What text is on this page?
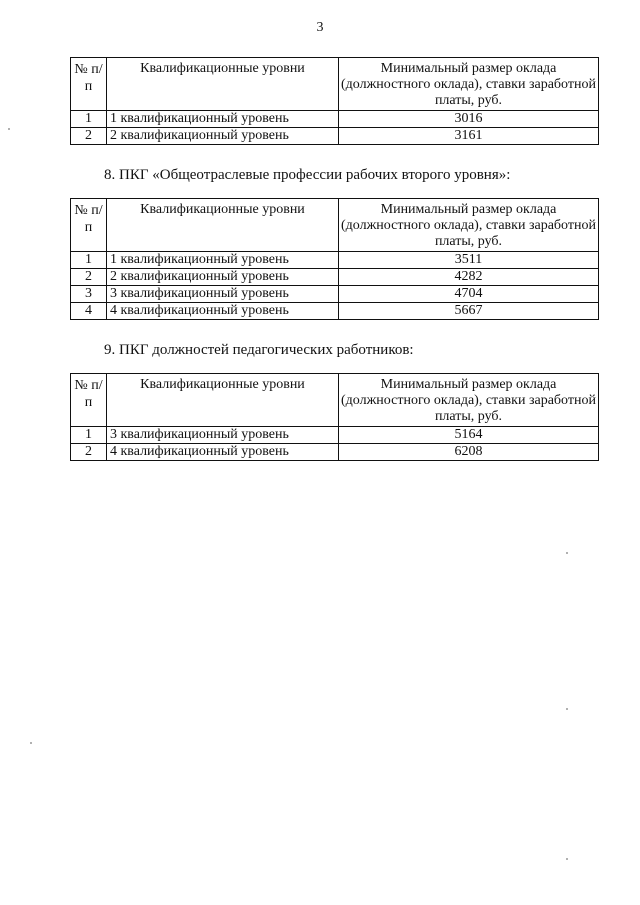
3
№ п/п	Квалификационные уровни	Минимальный размер оклада (должностного оклада), ставки заработной платы, руб.
1	1 квалификационный уровень	3016
2	2 квалификационный уровень	3161
8. ПКГ «Общеотраслевые профессии рабочих второго уровня»:
№ п/п	Квалификационные уровни	Минимальный размер оклада (должностного оклада), ставки заработной платы, руб.
1	1 квалификационный уровень	3511
2	2 квалификационный уровень	4282
3	3 квалификационный уровень	4704
4	4 квалификационный уровень	5667
9. ПКГ должностей педагогических работников:
№ п/п	Квалификационные уровни	Минимальный размер оклада (должностного оклада), ставки заработной платы, руб.
1	3 квалификационный уровень	5164
2	4 квалификационный уровень	6208
